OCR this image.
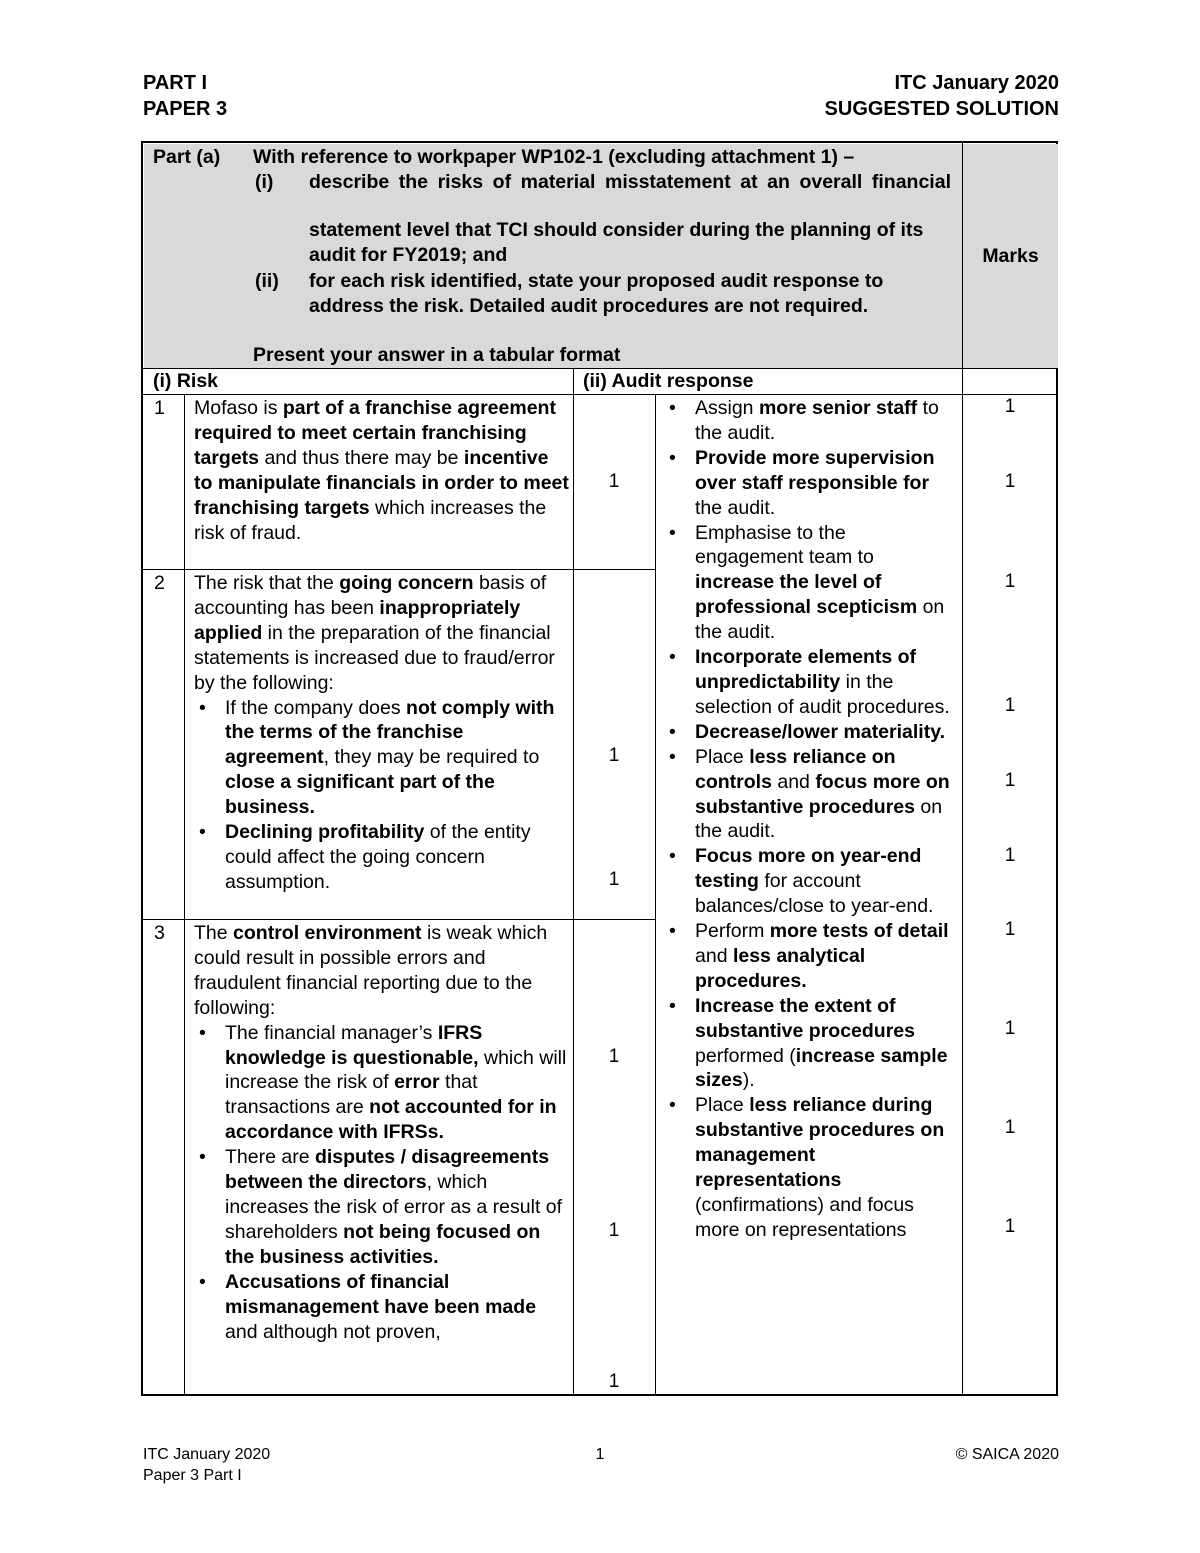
PART I
PAPER 3
ITC January 2020
SUGGESTED SOLUTION
Part (a) With reference to workpaper WP102-1 (excluding attachment 1) –
(i) describe the risks of material misstatement at an overall financial
statement level that TCI should consider during the planning of its audit for FY2019; and
(ii) for each risk identified, state your proposed audit response to address the risk. Detailed audit procedures are not required.
Present your answer in a tabular format
Marks
(i) Risk	(ii) Audit response
1 Mofaso is part of a franchise agreement required to meet certain franchising targets and thus there may be incentive to manipulate financials in order to meet franchising targets which increases the risk of fraud.
2 The risk that the going concern basis of accounting has been inappropriately applied in the preparation of the financial statements is increased due to fraud/error by the following:
• If the company does not comply with the terms of the franchise agreement, they may be required to close a significant part of the business.
• Declining profitability of the entity could affect the going concern assumption.
3 The control environment is weak which could result in possible errors and fraudulent financial reporting due to the following:
• The financial manager’s IFRS knowledge is questionable, which will increase the risk of error that transactions are not accounted for in accordance with IFRSs.
• There are disputes / disagreements between the directors, which increases the risk of error as a result of shareholders not being focused on the business activities.
• Accusations of financial mismanagement have been made and although not proven,
1
1
1
1
1
1
• Assign more senior staff to the audit.
• Provide more supervision over staff responsible for the audit.
• Emphasise to the engagement team to increase the level of professional scepticism on the audit.
• Incorporate elements of unpredictability in the selection of audit procedures.
• Decrease/lower materiality.
• Place less reliance on controls and focus more on substantive procedures on the audit.
• Focus more on year-end testing for account balances/close to year-end.
• Perform more tests of detail and less analytical procedures.
• Increase the extent of substantive procedures performed (increase sample sizes).
• Place less reliance during substantive procedures on management representations (confirmations) and focus more on representations
1
1
1
1
1
1
1
1
1
1
ITC January 2020
Paper 3 Part I
1	© SAICA 2020
